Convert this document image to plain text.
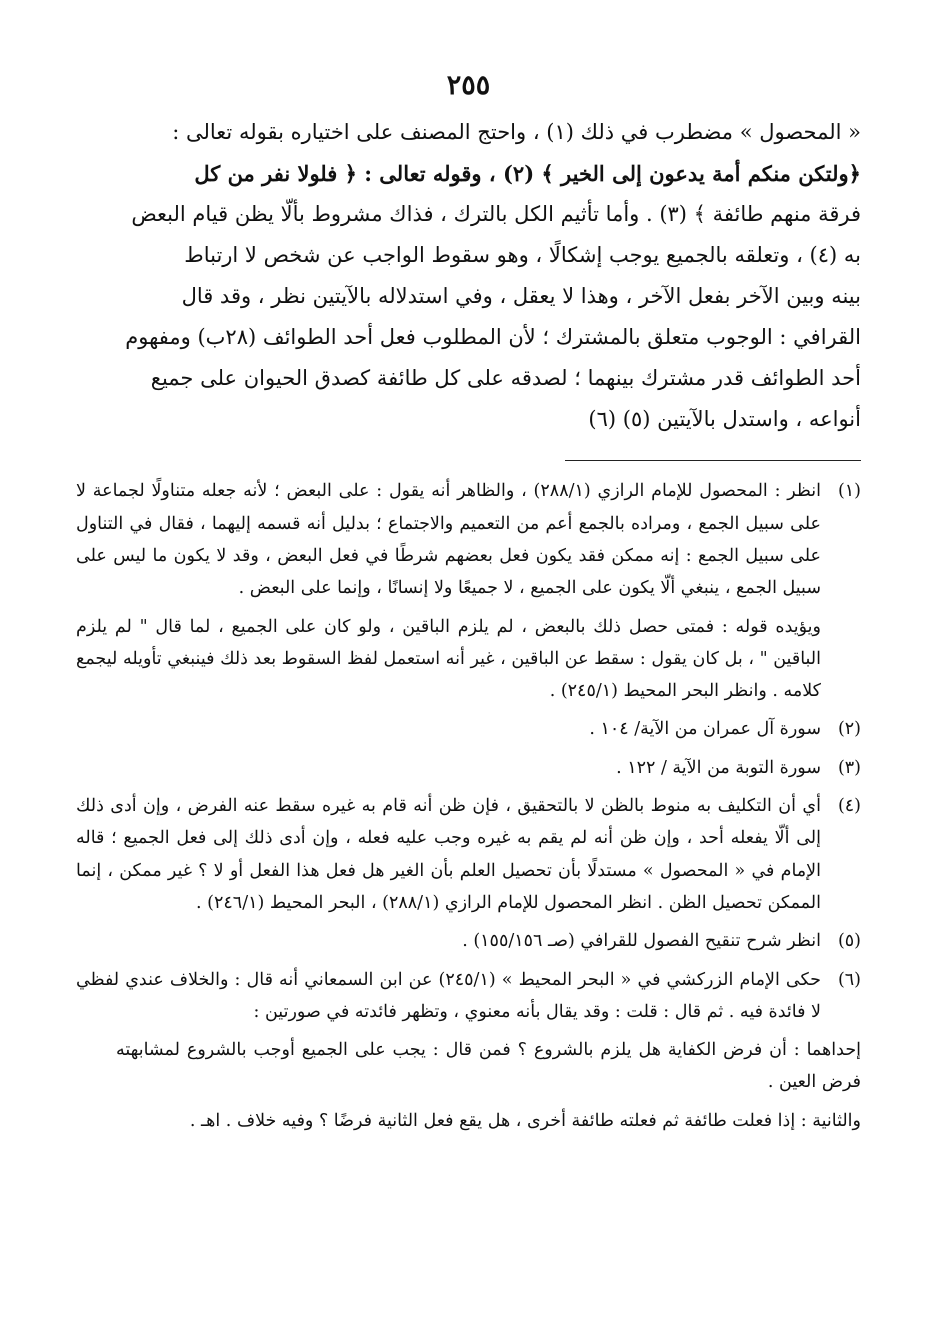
٢٥٥

« المحصول » مضطرب في ذلك (١) ، واحتج المصنف على اختياره بقوله تعالى :

﴿ولتكن منكم أمة يدعون إلى الخير ﴾ (٢) ، وقوله تعالى : ﴿ فلولا نفر من كل

فرقة منهم طائفة ﴾ (٣) . وأما تأثيم الكل بالترك ، فذاك مشروط بألّا يظن قيام البعض

به (٤) ، وتعلقه بالجميع يوجب إشكالًا ، وهو سقوط الواجب عن شخص لا ارتباط

بينه وبين الآخر بفعل الآخر ، وهذا لا يعقل ، وفي استدلاله بالآيتين نظر ، وقد قال

القرافي : الوجوب متعلق بالمشترك ؛ لأن المطلوب فعل أحد الطوائف (٢٨ب) ومفهوم

أحد الطوائف قدر مشترك بينهما ؛ لصدقه على كل طائفة كصدق الحيوان على جميع

أنواعه ، واستدل بالآيتين (٥) (٦)

(١)

انظر : المحصول للإمام الرازي (٢٨٨/١) ، والظاهر أنه يقول : على البعض ؛ لأنه جعله متناولًا لجماعة لا على سبيل الجمع ، ومراده بالجمع أعم من التعميم والاجتماع ؛ بدليل أنه قسمه إليهما ، فقال في التناول على سبيل الجمع : إنه ممكن فقد يكون فعل بعضهم شرطًا في فعل البعض ، وقد لا يكون ما ليس على سبيل الجمع ، ينبغي ألّا يكون على الجميع ، لا جميعًا ولا إنسانًا ، وإنما على البعض .

ويؤيده قوله : فمتى حصل ذلك بالبعض ، لم يلزم الباقين ، ولو كان على الجميع ، لما قال " لم يلزم الباقين " ، بل كان يقول : سقط عن الباقين ، غير أنه استعمل لفظ السقوط بعد ذلك فينبغي تأويله ليجمع كلامه . وانظر البحر المحيط (٢٤٥/١) .

(٢)
سورة آل عمران من الآية/ ١٠٤ .
(٣)
سورة التوبة من الآية / ١٢٢ .
(٤)
أي أن التكليف به منوط بالظن لا بالتحقيق ، فإن ظن أنه قام به غيره سقط عنه الفرض ، وإن أدى ذلك إلى ألّا يفعله أحد ، وإن ظن أنه لم يقم به غيره وجب عليه فعله ، وإن أدى ذلك إلى فعل الجميع ؛ قاله الإمام في « المحصول » مستدلًا بأن تحصيل العلم بأن الغير هل فعل هذا الفعل أو لا ؟ غير ممكن ، إنما الممكن تحصيل الظن . انظر المحصول للإمام الرازي (٢٨٨/١) ، البحر المحيط (٢٤٦/١) .
(٥)
انظر شرح تنقيح الفصول للقرافي (صـ ١٥٥/١٥٦) .
(٦)

حكى الإمام الزركشي في « البحر المحيط » (٢٤٥/١) عن ابن السمعاني أنه قال : والخلاف عندي لفظي لا فائدة فيه . ثم قال : قلت : وقد يقال بأنه معنوي ، وتظهر فائدته في صورتين :

إحداهما : أن فرض الكفاية هل يلزم بالشروع ؟ فمن قال : يجب على الجميع أوجب بالشروع لمشابهته فرض العين .
والثانية : إذا فعلت طائفة ثم فعلته طائفة أخرى ، هل يقع فعل الثانية فرضًا ؟ وفيه خلاف . اهـ .
